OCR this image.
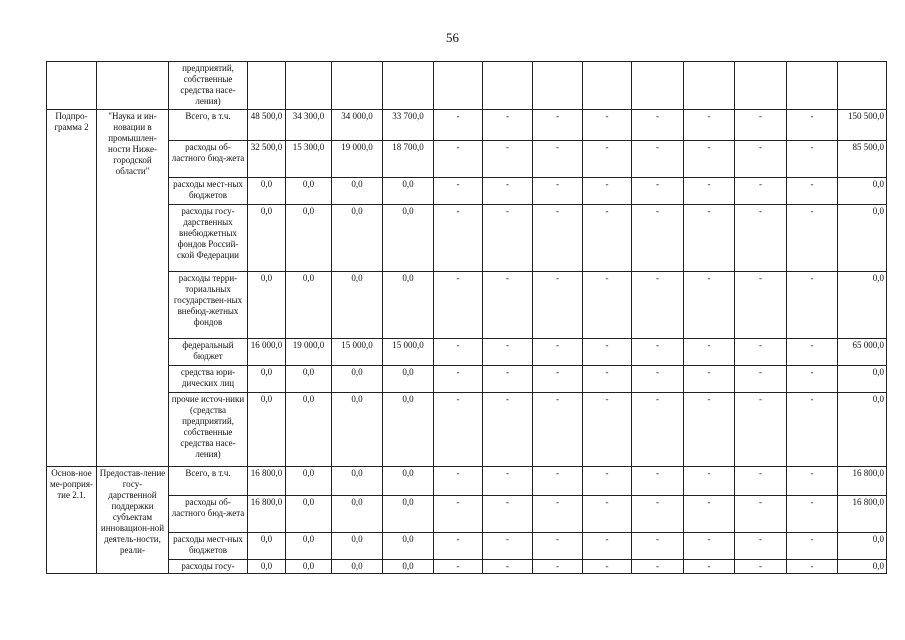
56
		предприятий, собственные средства насе-ления)													
Подпро-грамма 2	"Наука и ин-новации в промышлен-ности Ниже-городской области"	Всего, в т.ч.	48 500,0	34 300,0	34 000,0	33 700,0	-	-	-	-	-	-	-	-	150 500,0
		расходы об-ластного бюд-жета	32 500,0	15 300,0	19 000,0	18 700,0	-	-	-	-	-	-	-	-	85 500,0
		расходы мест-ных бюджетов	0,0	0,0	0,0	0,0	-	-	-	-	-	-	-	-	0,0
		расходы госу-дарственных внебюджетных фондов Россий-ской Федерации	0,0	0,0	0,0	0,0	-	-	-	-	-	-	-	-	0,0
		расходы терри-ториальных государствен-ных внебюд-жетных фондов	0,0	0,0	0,0	0,0	-	-	-	-	-	-	-	-	0,0
		федеральный бюджет	16 000,0	19 000,0	15 000,0	15 000,0	-	-	-	-	-	-	-	-	65 000,0
		средства юри-дических лиц	0,0	0,0	0,0	0,0	-	-	-	-	-	-	-	-	0,0
		прочие источ-ники (средства предприятий, собственные средства насе-ления)	0,0	0,0	0,0	0,0	-	-	-	-	-	-	-	-	0,0
Основ-ное ме-роприя-тие 2.1.	Предостав-ление госу-дарственной поддержки субъектам инновацион-ной деятель-ности, реали-	Всего, в т.ч.	16 800,0	0,0	0,0	0,0	-	-	-	-	-	-	-	-	16 800,0
		расходы об-ластного бюд-жета	16 800,0	0,0	0,0	0,0	-	-	-	-	-	-	-	-	16 800,0
		расходы мест-ных бюджетов	0,0	0,0	0,0	0,0	-	-	-	-	-	-	-	-	0,0
		расходы госу-	0,0	0,0	0,0	0,0	-	-	-	-	-	-	-	-	0,0
